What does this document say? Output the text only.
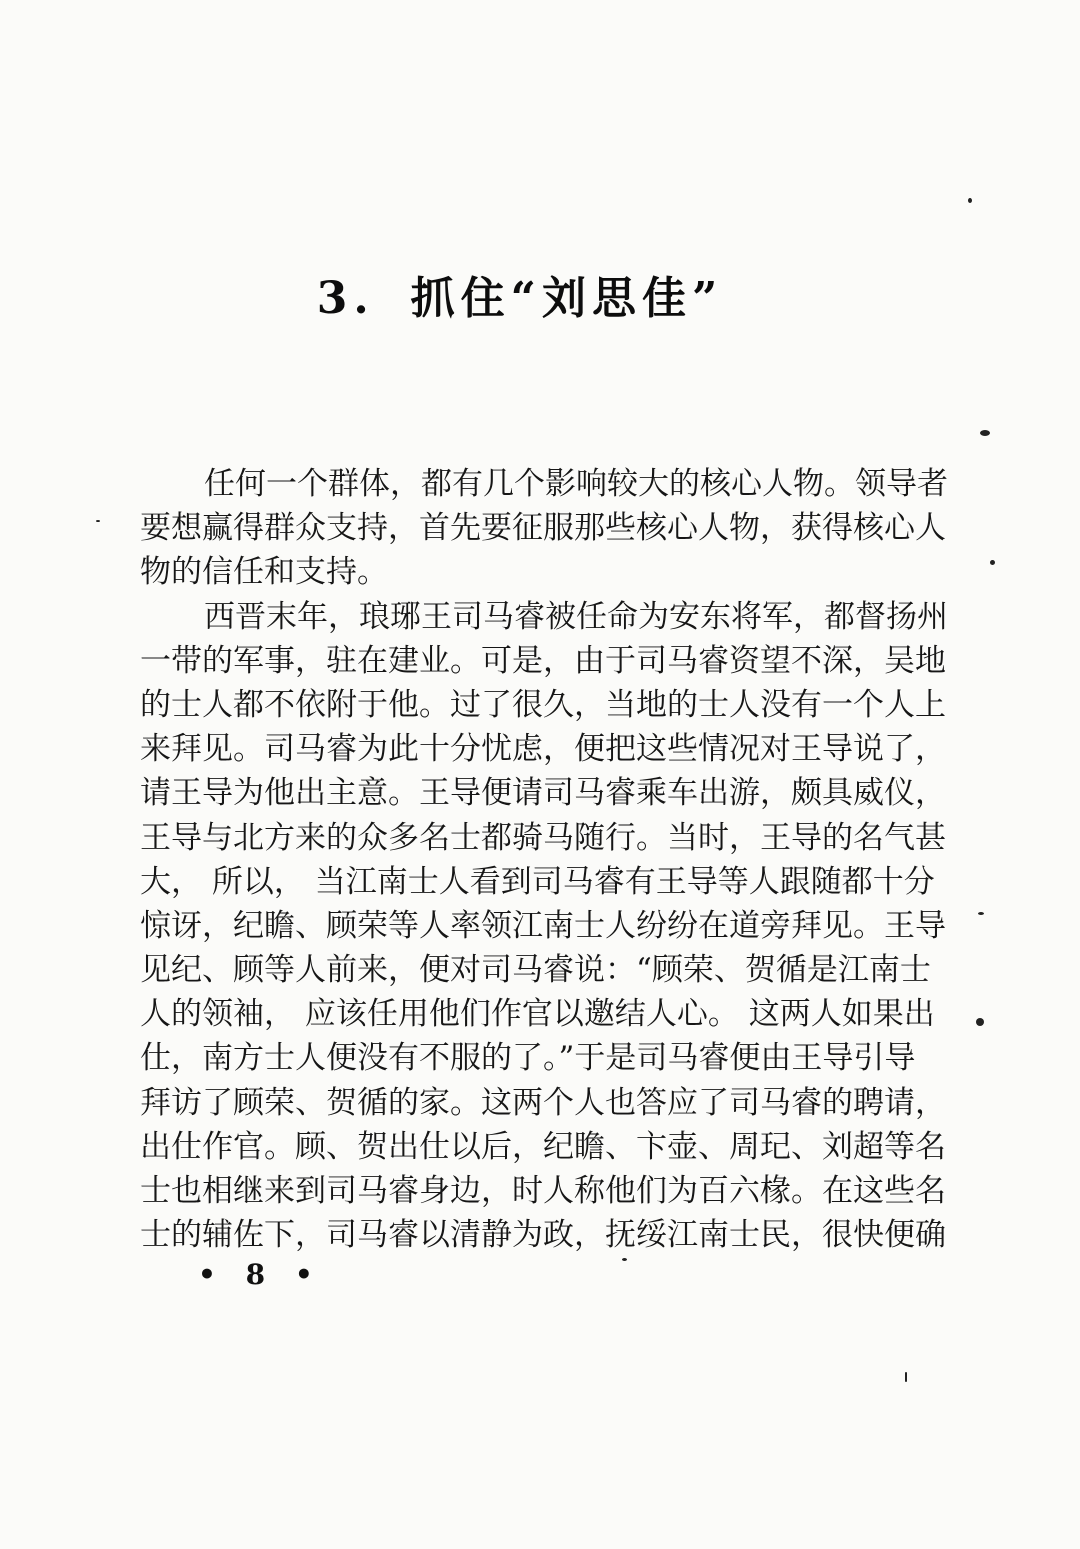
3. 抓住“刘思佳”
任何一个群体，都有几个影响较大的核心人物。领导者
要想赢得群众支持，首先要征服那些核心人物，获得核心人
物的信任和支持。
西晋末年，琅琊王司马睿被任命为安东将军，都督扬州
一带的军事，驻在建业。可是，由于司马睿资望不深，吴地
的士人都不依附于他。过了很久，当地的士人没有一个人上
来拜见。司马睿为此十分忧虑，便把这些情况对王导说了，
请王导为他出主意。王导便请司马睿乘车出游，颇具威仪，
王导与北方来的众多名士都骑马随行。当时，王导的名气甚
大， 所以， 当江南士人看到司马睿有王导等人跟随都十分
惊讶，纪瞻、顾荣等人率领江南士人纷纷在道旁拜见。王导
见纪、顾等人前来，便对司马睿说：“顾荣、贺循是江南士
人的领袖， 应该任用他们作官以邀结人心。 这两人如果出
仕，南方士人便没有不服的了。”于是司马睿便由王导引导
拜访了顾荣、贺循的家。这两个人也答应了司马睿的聘请，
出仕作官。顾、贺出仕以后，纪瞻、卞壶、周玘、刘超等名
士也相继来到司马睿身边，时人称他们为百六椽。在这些名
士的辅佐下，司马睿以清静为政，抚绥江南士民，很快便确
• 8 •
